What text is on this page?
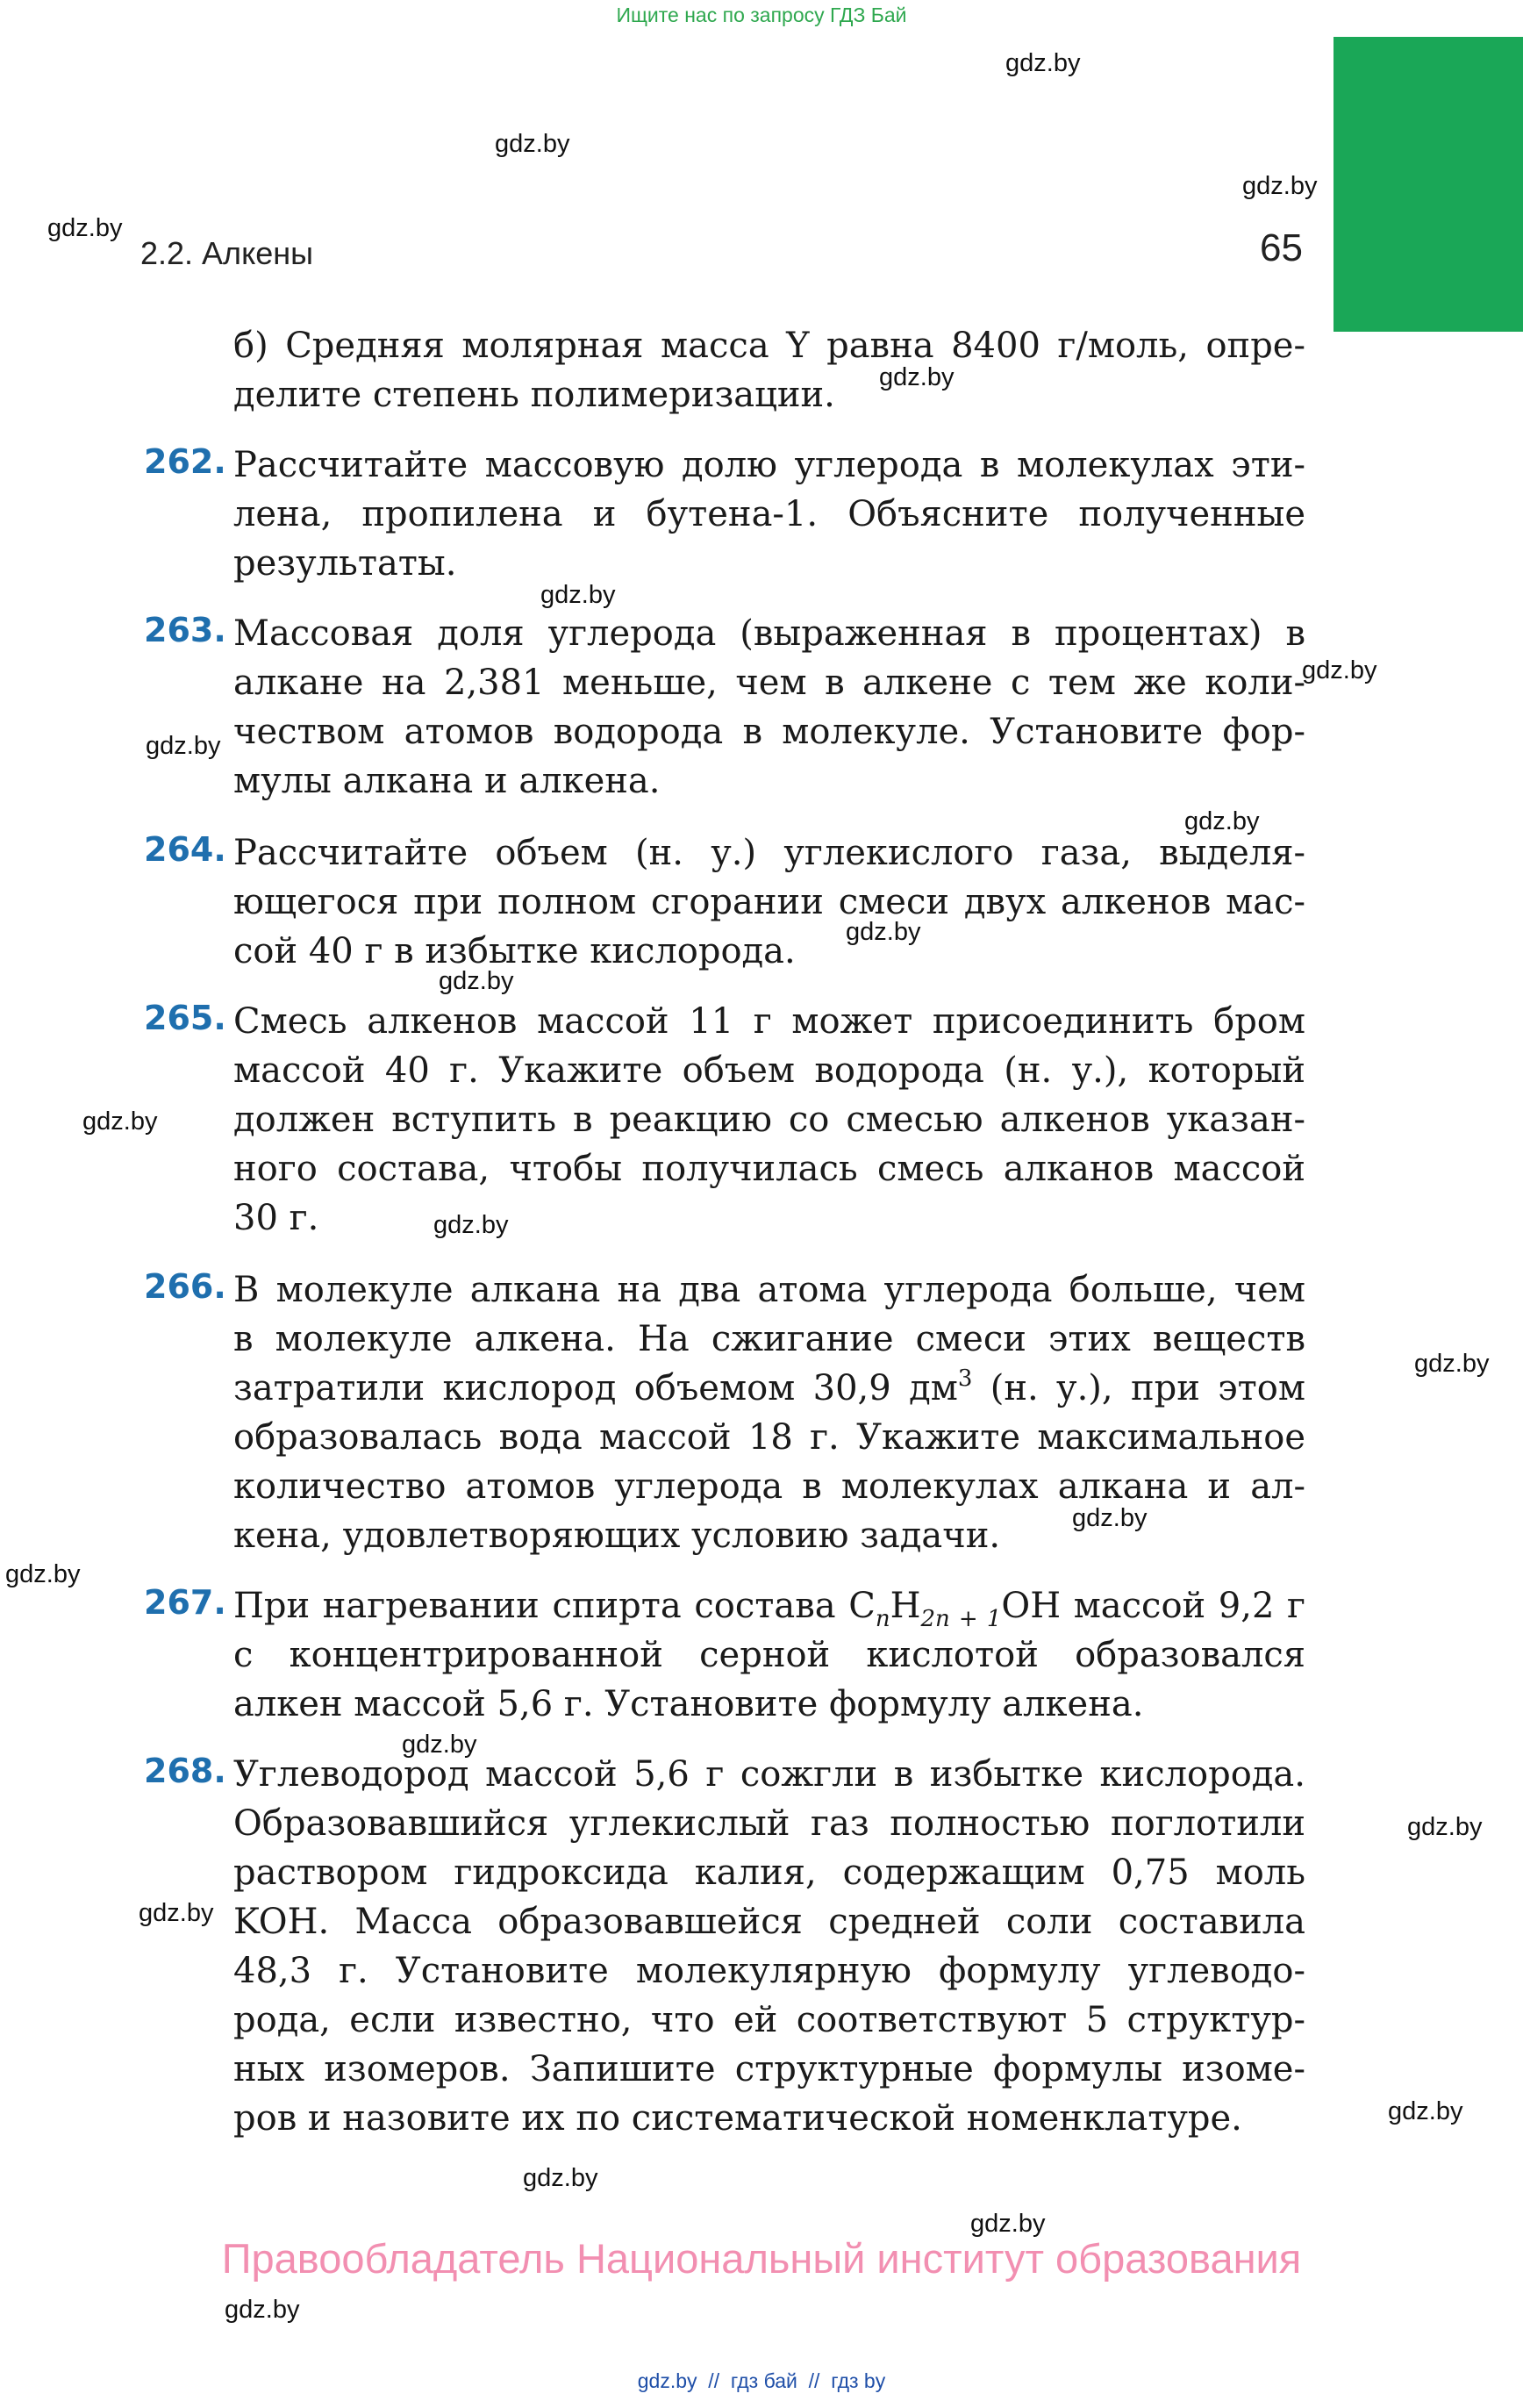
Ищите нас по запросу ГДЗ Бай
2.2. Алкены	65
gdz.by
gdz.by
gdz.by
gdz.by
gdz.by
gdz.by
gdz.by
gdz.by
gdz.by
gdz.by
gdz.by
gdz.by
gdz.by
gdz.by
gdz.by
gdz.by
gdz.by
gdz.by
gdz.by
gdz.by
gdz.by
gdz.by
gdz.by
б) Средняя молярная масса Y равна 8400 г/моль, опре-
делите степень полимеризации.
262. Рассчитайте массовую долю углерода в молекулах эти-
лена, пропилена и бутена-1. Объясните полученные
результаты.
263. Массовая доля углерода (выраженная в процентах) в
алкане на 2,381 меньше, чем в алкене с тем же коли-
чеством атомов водорода в молекуле. Установите фор-
мулы алкана и алкена.
264. Рассчитайте объем (н. у.) углекислого газа, выделя-
ющегося при полном сгорании смеси двух алкенов мас-
сой 40 г в избытке кислорода.
265. Смесь алкенов массой 11 г может присоединить бром
массой 40 г. Укажите объем водорода (н. у.), который
должен вступить в реакцию со смесью алкенов указан-
ного состава, чтобы получилась смесь алканов массой
30 г.
266. В молекуле алкана на два атома углерода больше, чем
в молекуле алкена. На сжигание смеси этих веществ
затратили кислород объемом 30,9 $дм^3$ (н. у.), при этом
образовалась вода массой 18 г. Укажите максимальное
количество атомов углерода в молекулах алкана и ал-
кена, удовлетворяющих условию задачи.
267. При нагревании спирта состава $C_nH_{2n + 1}OH$ массой 9,2 г
с концентрированной серной кислотой образовался
алкен массой 5,6 г. Установите формулу алкена.
268. Углеводород массой 5,6 г сожгли в избытке кислорода.
Образовавшийся углекислый газ полностью поглотили
раствором гидроксида калия, содержащим 0,75 моль
KOH. Масса образовавшейся средней соли составила
48,3 г. Установите молекулярную формулу углеводо-
рода, если известно, что ей соответствуют 5 структур-
ных изомеров. Запишите структурные формулы изоме-
ров и назовите их по систематической номенклатуре.
Правообладатель Национальный институт образования
gdz.by  //  гдз бай  //  гдз by
